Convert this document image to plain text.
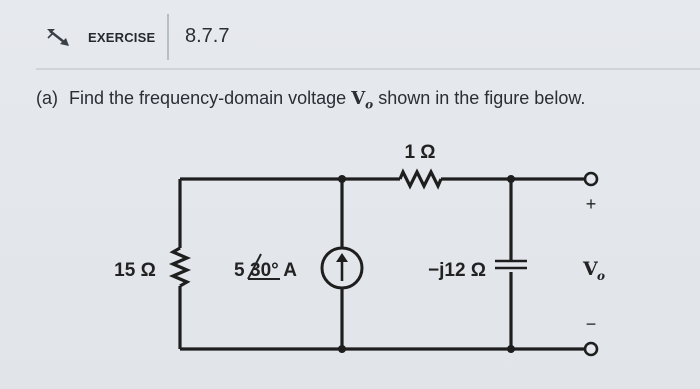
EXERCISE 8.7.7
(a) Find the frequency-domain voltage $V_o$ shown in the figure below.
1 Ω
15 Ω	5 30° A	−j12 Ω
+
V o
−
